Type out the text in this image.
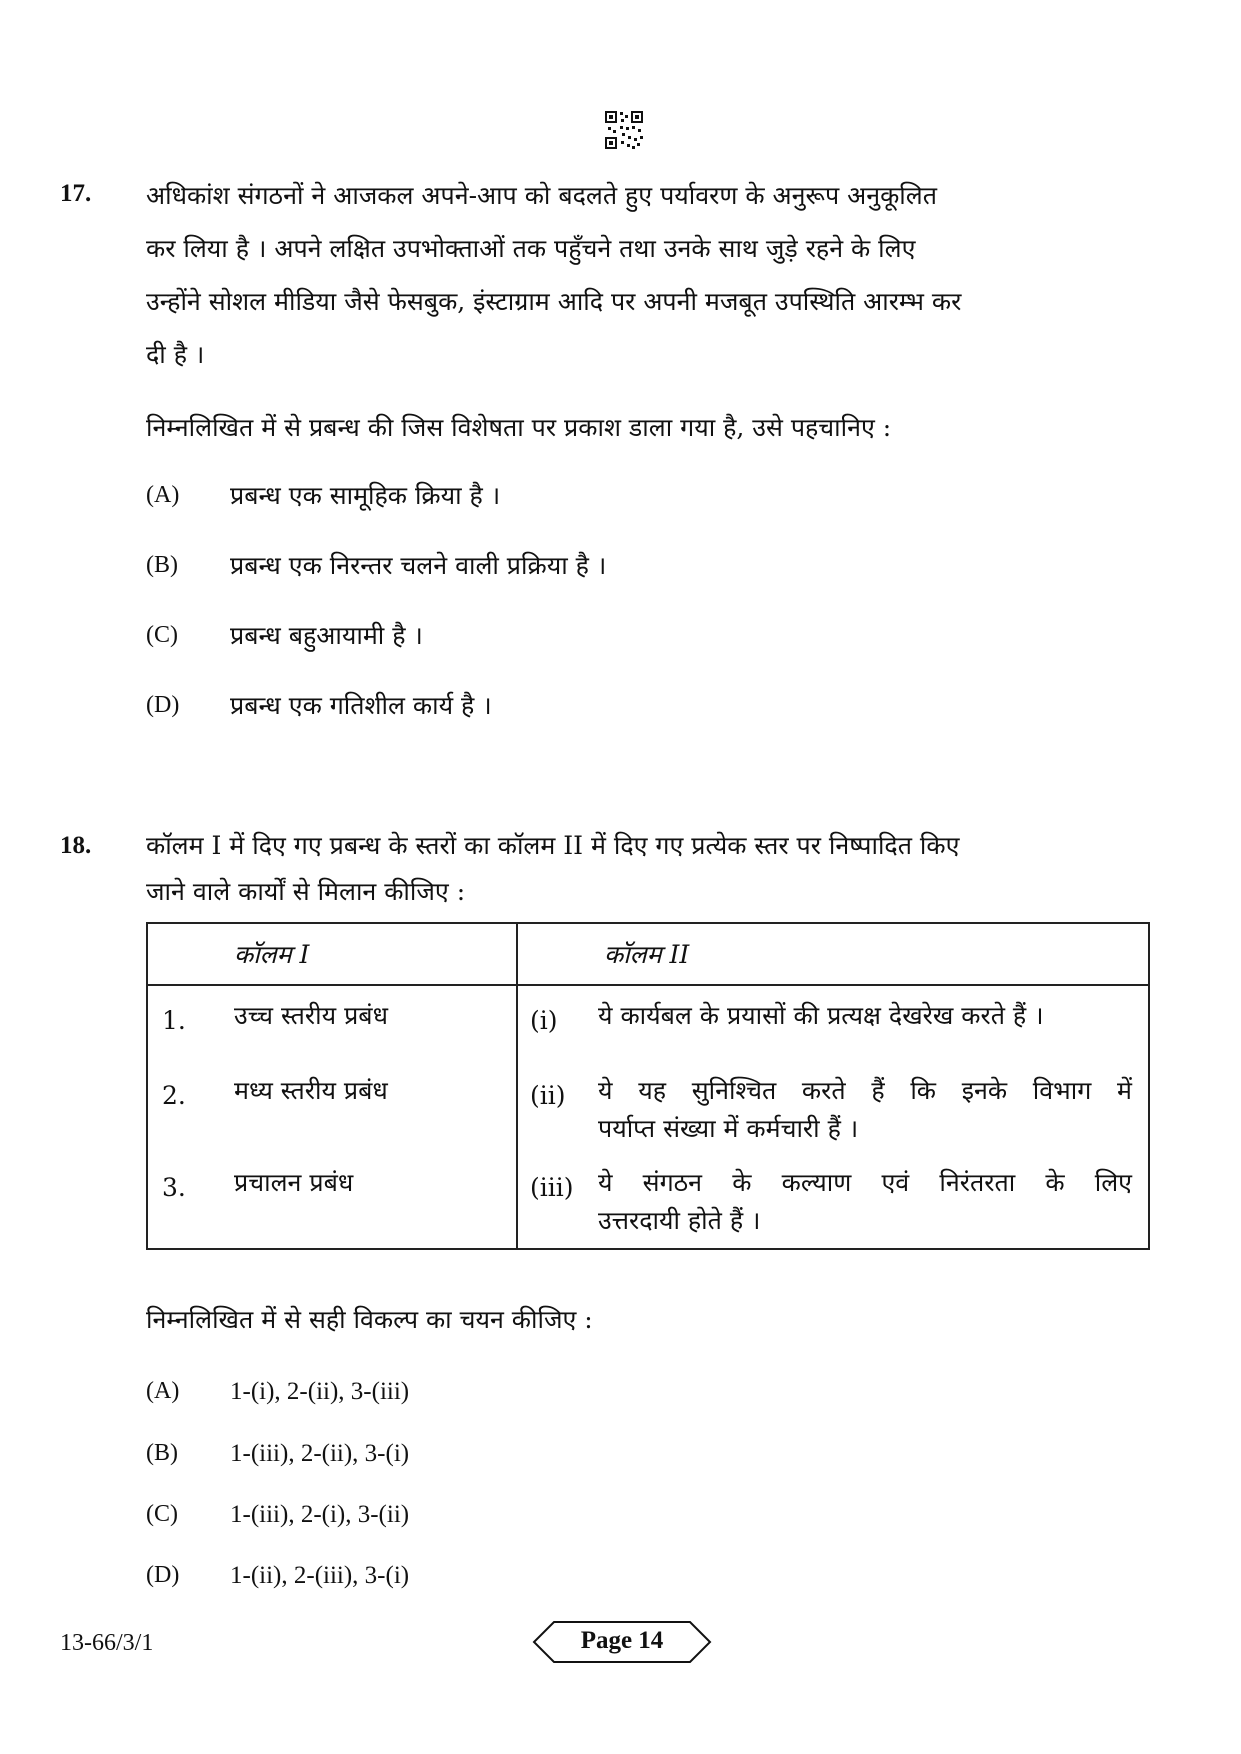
17. अधिकांश संगठनों ने आजकल अपने-आप को बदलते हुए पर्यावरण के अनुरूप अनुकूलित
कर लिया है । अपने लक्षित उपभोक्ताओं तक पहुँचने तथा उनके साथ जुड़े रहने के लिए
उन्होंने सोशल मीडिया जैसे फेसबुक, इंस्टाग्राम आदि पर अपनी मजबूत उपस्थिति आरम्भ कर
दी है ।
निम्नलिखित में से प्रबन्ध की जिस विशेषता पर प्रकाश डाला गया है, उसे पहचानिए :
(A) प्रबन्ध एक सामूहिक क्रिया है ।
(B) प्रबन्ध एक निरन्तर चलने वाली प्रक्रिया है ।
(C) प्रबन्ध बहुआयामी है ।
(D) प्रबन्ध एक गतिशील कार्य है ।
18. कॉलम I में दिए गए प्रबन्ध के स्तरों का कॉलम II में दिए गए प्रत्येक स्तर पर निष्पादित किए
जाने वाले कार्यों से मिलान कीजिए :
कॉलम I	कॉलम II

1. उच्च स्तरीय प्रबंध	(i) ये कार्यबल के प्रयासों की प्रत्यक्ष देखरेख करते हैं ।

2. मध्य स्तरीय प्रबंध	(ii) ये यह सुनिश्चित करते हैं कि इनके विभाग में
पर्याप्त संख्या में कर्मचारी हैं ।

3. प्रचालन प्रबंध	(iii) ये संगठन के कल्याण एवं निरंतरता के लिए
उत्तरदायी होते हैं ।
निम्नलिखित में से सही विकल्प का चयन कीजिए :
(A) 1-(i), 2-(ii), 3-(iii)
(B) 1-(iii), 2-(ii), 3-(i)
(C) 1-(iii), 2-(i), 3-(ii)
(D) 1-(ii), 2-(iii), 3-(i)
13-66/3/1	Page 14
